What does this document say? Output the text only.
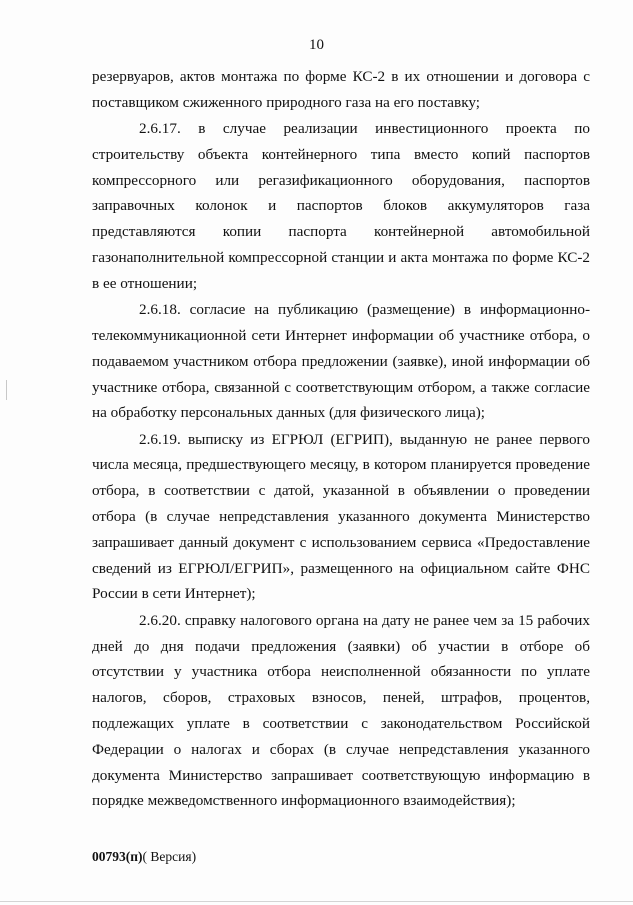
10

резервуаров, актов монтажа по форме КС-2 в их отношении и договора с поставщиком сжиженного природного газа на его поставку;

2.6.17. в случае реализации инвестиционного проекта по строительству объекта контейнерного типа вместо копий паспортов компрессорного или регазификационного оборудования, паспортов заправочных колонок и паспортов блоков аккумуляторов газа представляются копии паспорта контейнерной автомобильной газонаполнительной компрессорной станции и акта монтажа по форме КС-2 в ее отношении;

2.6.18. согласие на публикацию (размещение) в информационно-телекоммуникационной сети Интернет информации об участнике отбора, о подаваемом участником отбора предложении (заявке), иной информации об участнике отбора, связанной с соответствующим отбором, а также согласие на обработку персональных данных (для физического лица);

2.6.19. выписку из ЕГРЮЛ (ЕГРИП), выданную не ранее первого числа месяца, предшествующего месяцу, в котором планируется проведение отбора, в соответствии с датой, указанной в объявлении о проведении отбора (в случае непредставления указанного документа Министерство запрашивает данный документ с использованием сервиса «Предоставление сведений из ЕГРЮЛ/ЕГРИП», размещенного на официальном сайте ФНС России в сети Интернет);

2.6.20. справку налогового органа на дату не ранее чем за 15 рабочих дней до дня подачи предложения (заявки) об участии в отборе об отсутствии у участника отбора неисполненной обязанности по уплате налогов, сборов, страховых взносов, пеней, штрафов, процентов, подлежащих уплате в соответствии с законодательством Российской Федерации о налогах и сборах (в случае непредставления указанного документа Министерство запрашивает соответствующую информацию в порядке межведомственного информационного взаимодействия);

00793(п)( Версия)
